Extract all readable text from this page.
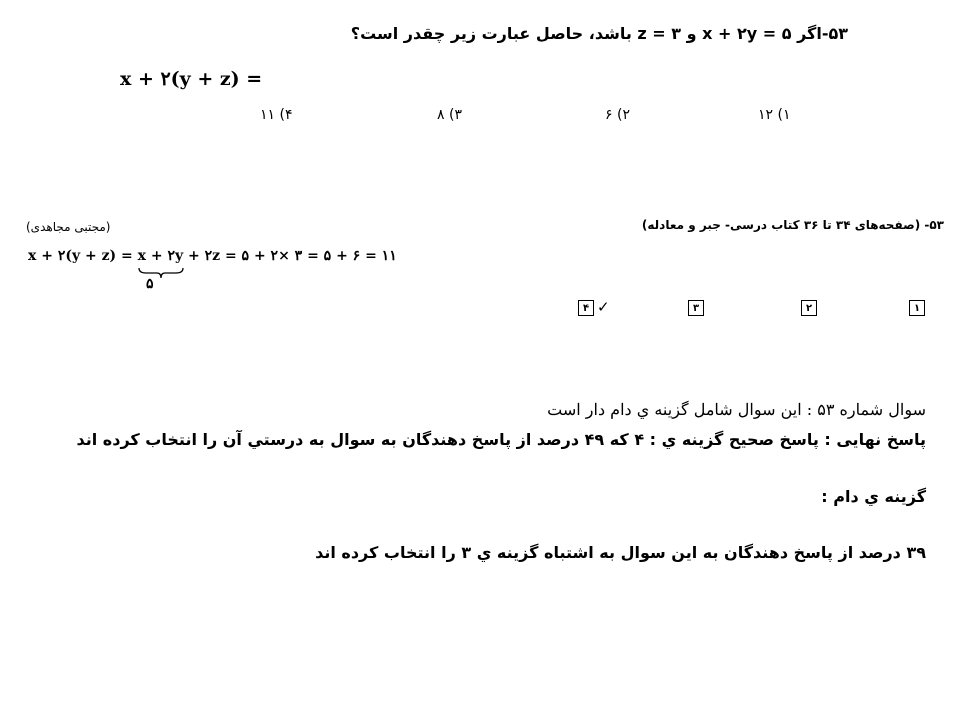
۵۳-اگر x + ۲y = ۵ و z = ۳ باشد، حاصل عبارت زیر چقدر است؟
x + ۲(y + z) =
۱) ۱۲
۲) ۶
۳) ۸
۴) ۱۱
۵۳- (صفحه‌های ۳۴ تا ۳۶ کتاب درسی- جبر و معادله)
(مجتبی مجاهدی)
x + ۲(y + z) = x + ۲y
+ ۲z = ۵ + ۲× ۳ = ۵ + ۶ = ۱۱
۵
۱
۲
۳
۴ ✓
سوال شماره ۵۳ : این سوال شامل گزینه ي دام دار است
پاسخ نهایی : پاسخ صحیح گزینه ي : ۴ که ۴۹ درصد از پاسخ دهندگان به سوال به درستي آن را انتخاب کرده اند
گزینه ي دام :
۳۹ درصد از پاسخ دهندگان به این سوال به اشتباه گزینه ي ۳ را انتخاب کرده اند
